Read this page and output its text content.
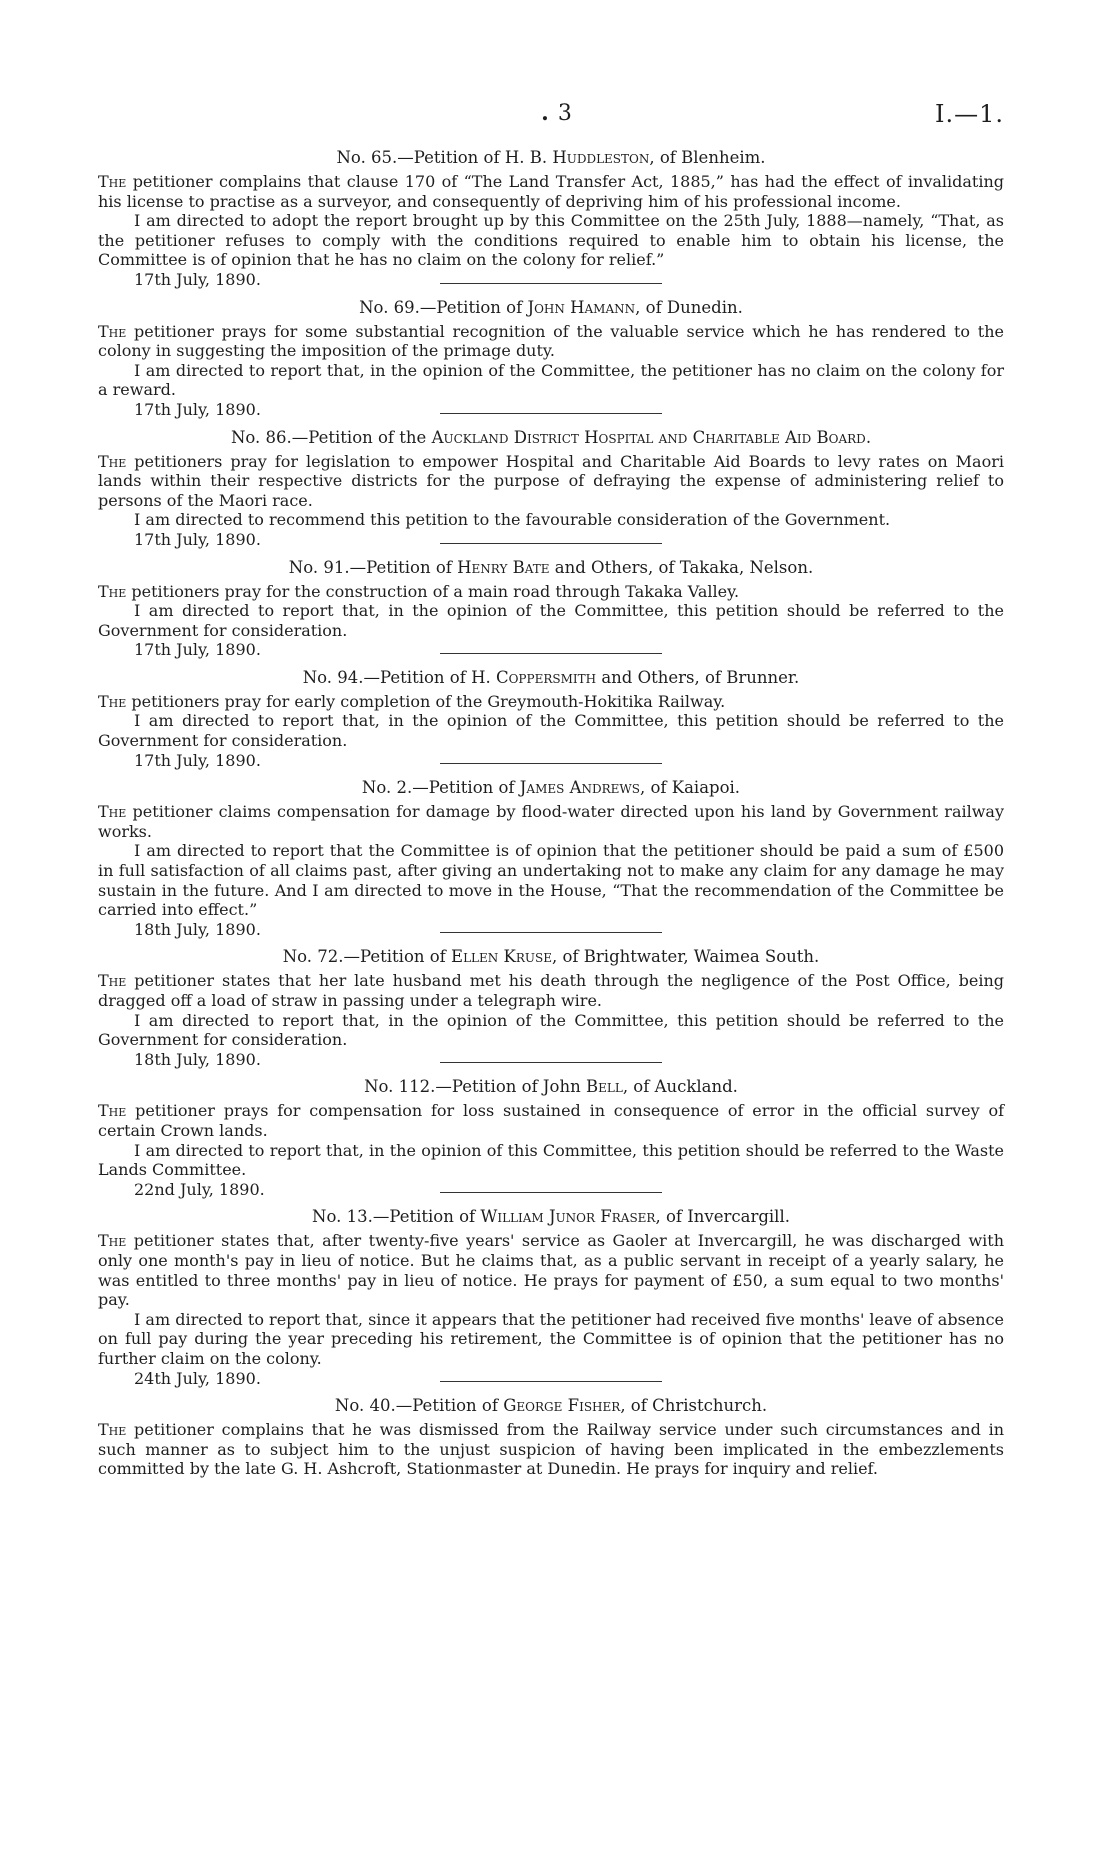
. 3	I.—1.
No. 65.—Petition of H. B. Huddleston, of Blenheim.

The petitioner complains that clause 170 of “The Land Transfer Act, 1885,” has had the effect of invalidating his license to practise as a surveyor, and consequently of depriving him of his professional income.

I am directed to adopt the report brought up by this Committee on the 25th July, 1888—namely, “That, as the petitioner refuses to comply with the conditions required to enable him to obtain his license, the Committee is of opinion that he has no claim on the colony for relief.”

17th July, 1890.
No. 69.—Petition of John Hamann, of Dunedin.

The petitioner prays for some substantial recognition of the valuable service which he has rendered to the colony in suggesting the imposition of the primage duty.

I am directed to report that, in the opinion of the Committee, the petitioner has no claim on the colony for a reward.

17th July, 1890.
No. 86.—Petition of the Auckland District Hospital and Charitable Aid Board.

The petitioners pray for legislation to empower Hospital and Charitable Aid Boards to levy rates on Maori lands within their respective districts for the purpose of defraying the expense of administering relief to persons of the Maori race.

I am directed to recommend this petition to the favourable consideration of the Government.

17th July, 1890.
No. 91.—Petition of Henry Bate and Others, of Takaka, Nelson.

The petitioners pray for the construction of a main road through Takaka Valley.

I am directed to report that, in the opinion of the Committee, this petition should be referred to the Government for consideration.

17th July, 1890.
No. 94.—Petition of H. Coppersmith and Others, of Brunner.

The petitioners pray for early completion of the Greymouth-Hokitika Railway.

I am directed to report that, in the opinion of the Committee, this petition should be referred to the Government for consideration.

17th July, 1890.
No. 2.—Petition of James Andrews, of Kaiapoi.

The petitioner claims compensation for damage by flood-water directed upon his land by Government railway works.

I am directed to report that the Committee is of opinion that the petitioner should be paid a sum of £500 in full satisfaction of all claims past, after giving an undertaking not to make any claim for any damage he may sustain in the future. And I am directed to move in the House, “That the recommendation of the Committee be carried into effect.”

18th July, 1890.
No. 72.—Petition of Ellen Kruse, of Brightwater, Waimea South.

The petitioner states that her late husband met his death through the negligence of the Post Office, being dragged off a load of straw in passing under a telegraph wire.

I am directed to report that, in the opinion of the Committee, this petition should be referred to the Government for consideration.

18th July, 1890.
No. 112.—Petition of John Bell, of Auckland.

The petitioner prays for compensation for loss sustained in consequence of error in the official survey of certain Crown lands.

I am directed to report that, in the opinion of this Committee, this petition should be referred to the Waste Lands Committee.

22nd July, 1890.
No. 13.—Petition of William Junor Fraser, of Invercargill.

The petitioner states that, after twenty-five years' service as Gaoler at Invercargill, he was discharged with only one month's pay in lieu of notice. But he claims that, as a public servant in receipt of a yearly salary, he was entitled to three months' pay in lieu of notice. He prays for payment of £50, a sum equal to two months' pay.

I am directed to report that, since it appears that the petitioner had received five months' leave of absence on full pay during the year preceding his retirement, the Committee is of opinion that the petitioner has no further claim on the colony.

24th July, 1890.
No. 40.—Petition of George Fisher, of Christchurch.

The petitioner complains that he was dismissed from the Railway service under such circumstances and in such manner as to subject him to the unjust suspicion of having been implicated in the embezzlements committed by the late G. H. Ashcroft, Stationmaster at Dunedin. He prays for inquiry and relief.
